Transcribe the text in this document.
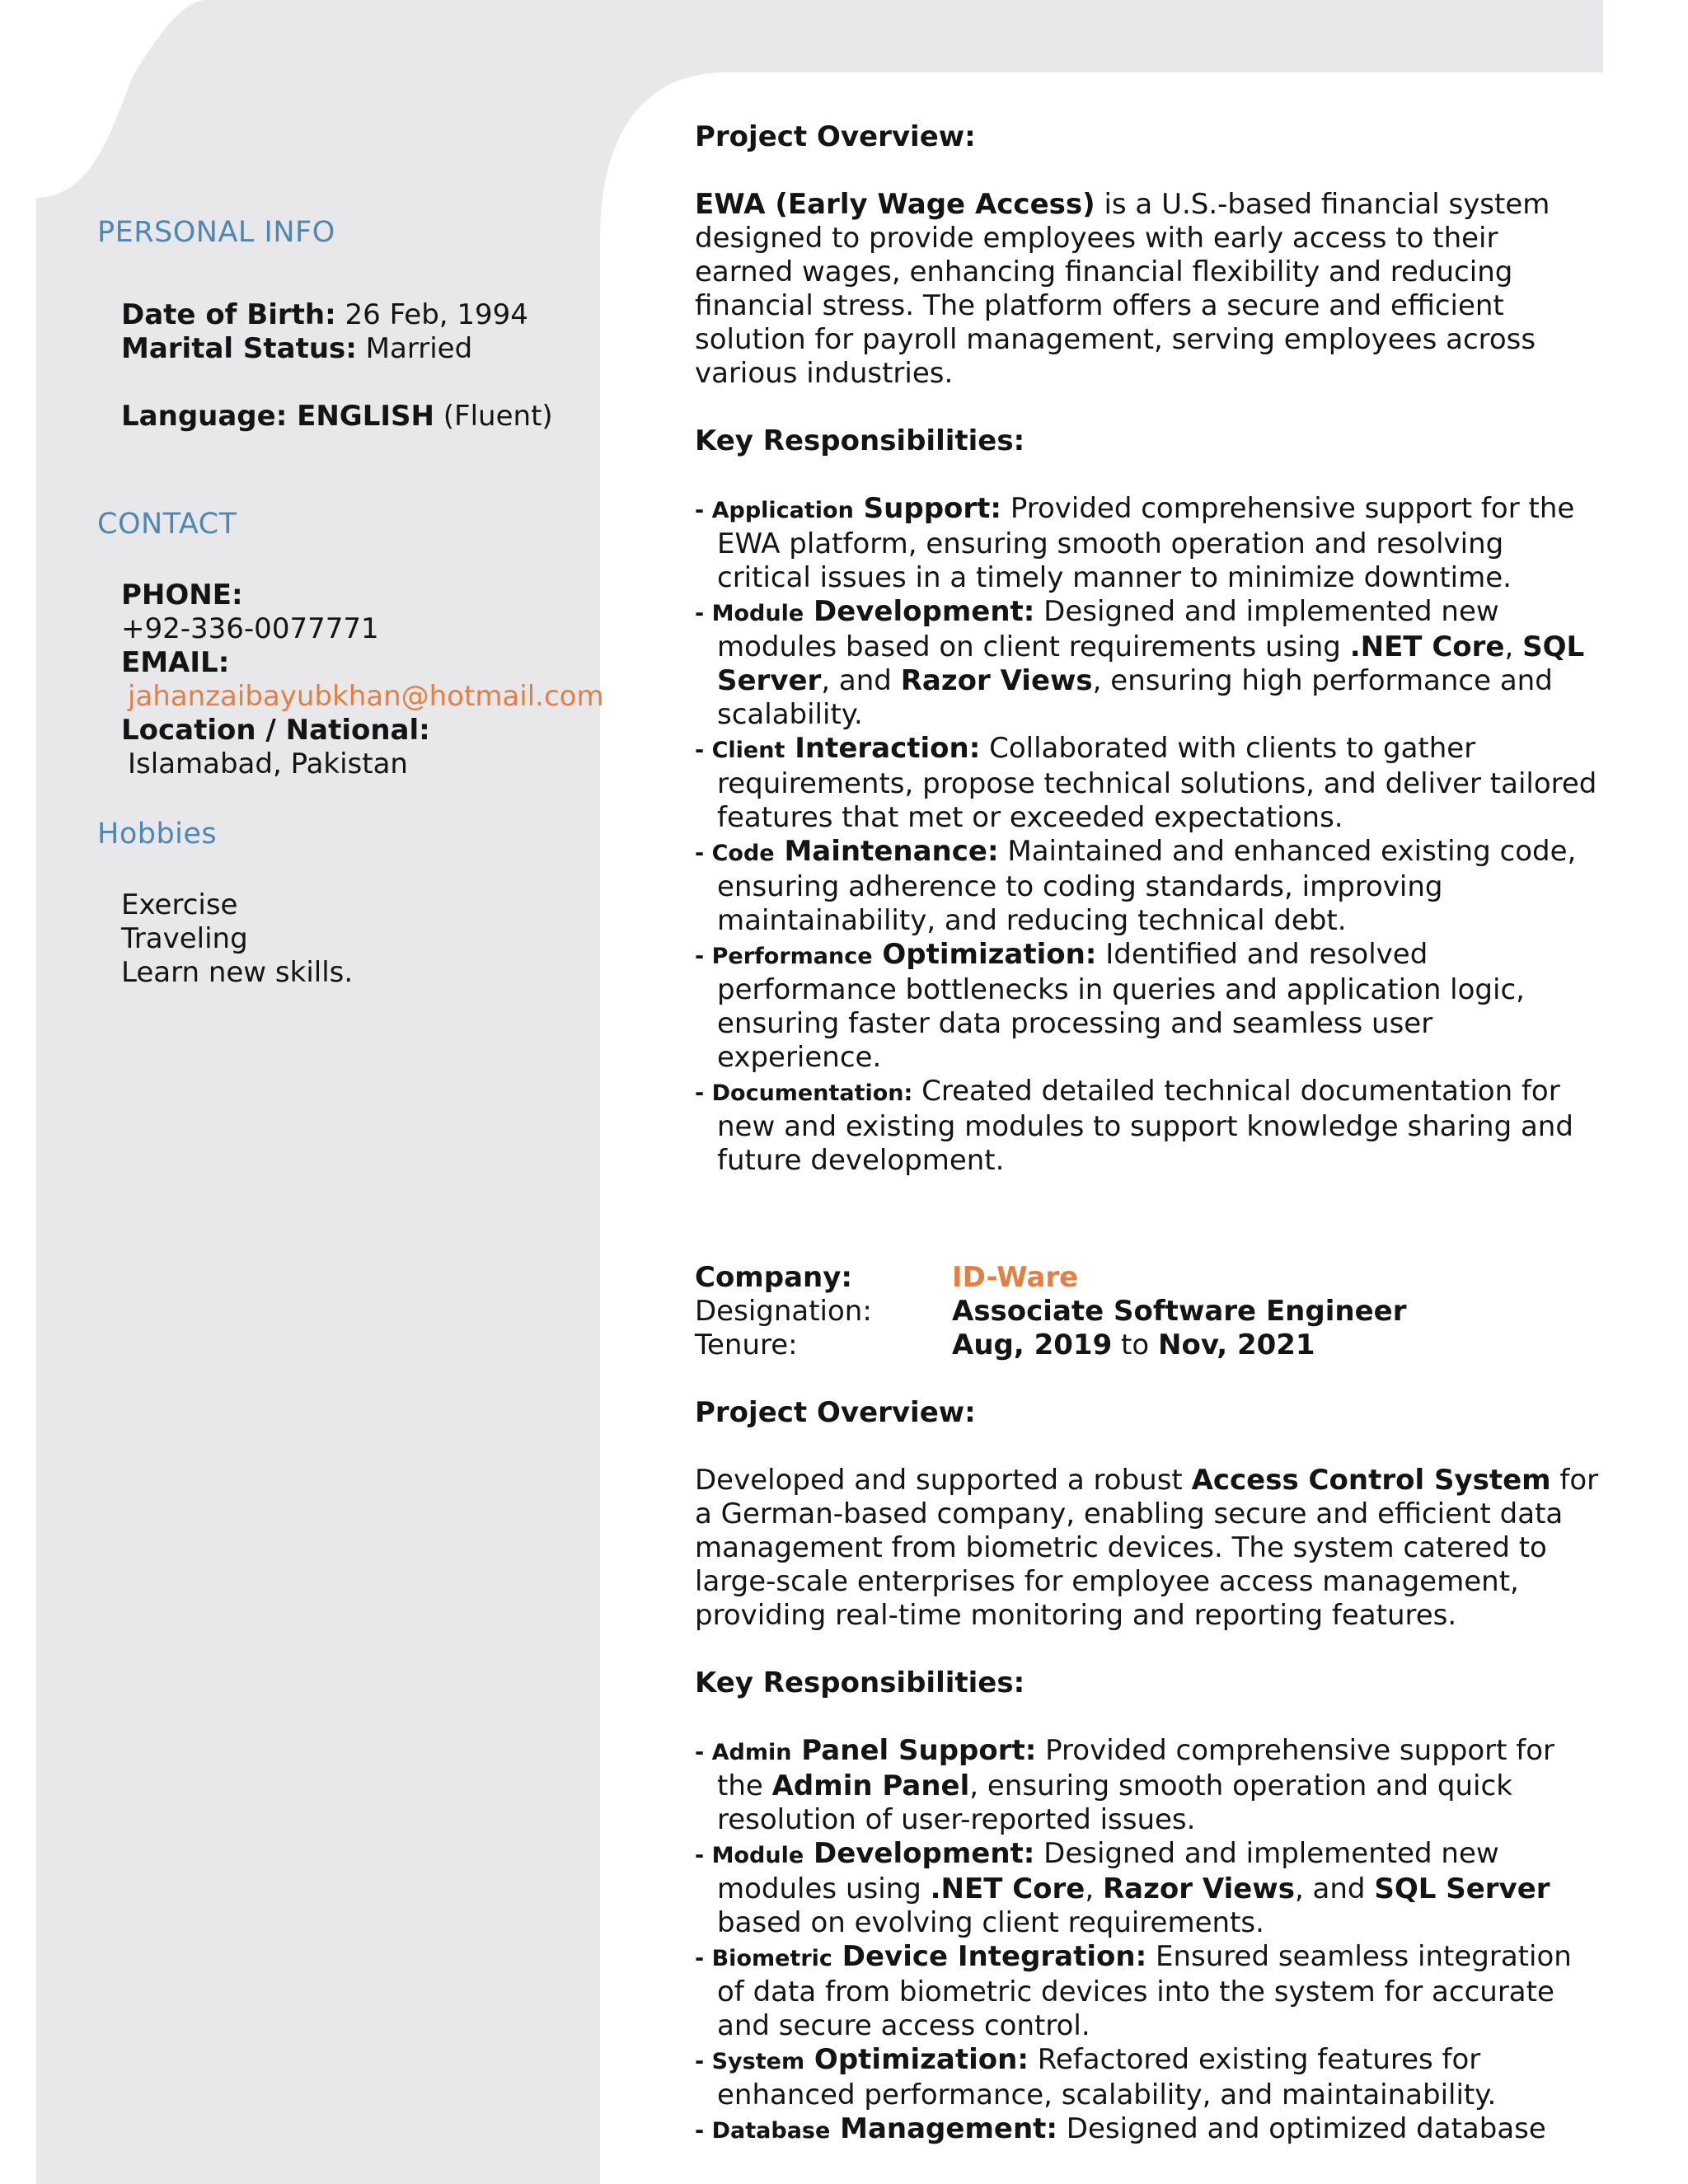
PERSONAL INFO
Date of Birth: 26 Feb, 1994
Marital Status: Married
Language: ENGLISH (Fluent)
CONTACT
PHONE:
+92-336-0077771
EMAIL:
jahanzaibayubkhan@hotmail.com
Location / National:
Islamabad, Pakistan
Hobbies
Exercise
Traveling
Learn new skills.

Project Overview:

EWA (Early Wage Access) is a U.S.-based financial system designed to provide employees with early access to their earned wages, enhancing financial flexibility and reducing financial stress. The platform offers a secure and efficient solution for payroll management, serving employees across various industries.

Key Responsibilities:

- Application Support: Provided comprehensive support for the EWA platform, ensuring smooth operation and resolving critical issues in a timely manner to minimize downtime.
- Module Development: Designed and implemented new modules based on client requirements using .NET Core, SQL Server, and Razor Views, ensuring high performance and scalability.
- Client Interaction: Collaborated with clients to gather requirements, propose technical solutions, and deliver tailored features that met or exceeded expectations.
- Code Maintenance: Maintained and enhanced existing code, ensuring adherence to coding standards, improving maintainability, and reducing technical debt.
- Performance Optimization: Identified and resolved performance bottlenecks in queries and application logic, ensuring faster data processing and seamless user experience.
- Documentation: Created detailed technical documentation for new and existing modules to support knowledge sharing and future development.
Company:	ID-Ware
Designation:	Associate Software Engineer
Tenure:	Aug, 2019 to Nov, 2021

Project Overview:

Developed and supported a robust Access Control System for a German-based company, enabling secure and efficient data management from biometric devices. The system catered to large-scale enterprises for employee access management, providing real-time monitoring and reporting features.

Key Responsibilities:

- Admin Panel Support: Provided comprehensive support for the Admin Panel, ensuring smooth operation and quick resolution of user-reported issues.
- Module Development: Designed and implemented new modules using .NET Core, Razor Views, and SQL Server based on evolving client requirements.
- Biometric Device Integration: Ensured seamless integration of data from biometric devices into the system for accurate and secure access control.
- System Optimization: Refactored existing features for enhanced performance, scalability, and maintainability.
- Database Management: Designed and optimized database
